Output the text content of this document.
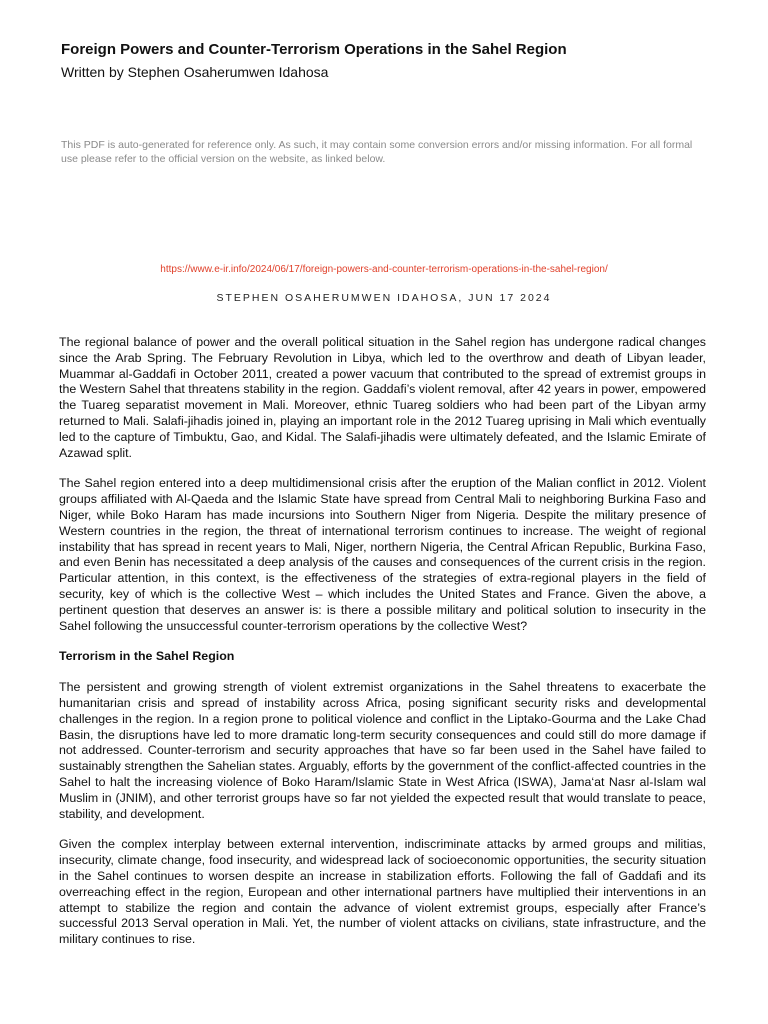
Foreign Powers and Counter-Terrorism Operations in the Sahel Region
Written by Stephen Osaherumwen Idahosa
This PDF is auto-generated for reference only. As such, it may contain some conversion errors and/or missing information. For all formal use please refer to the official version on the website, as linked below.
https://www.e-ir.info/2024/06/17/foreign-powers-and-counter-terrorism-operations-in-the-sahel-region/
STEPHEN OSAHERUMWEN IDAHOSA, JUN 17 2024

The regional balance of power and the overall political situation in the Sahel region has undergone radical changes since the Arab Spring. The February Revolution in Libya, which led to the overthrow and death of Libyan leader, Muammar al-Gaddafi in October 2011, created a power vacuum that contributed to the spread of extremist groups in the Western Sahel that threatens stability in the region. Gaddafi’s violent removal, after 42 years in power, empowered the Tuareg separatist movement in Mali. Moreover, ethnic Tuareg soldiers who had been part of the Libyan army returned to Mali. Salafi-jihadis joined in, playing an important role in the 2012 Tuareg uprising in Mali which eventually led to the capture of Timbuktu, Gao, and Kidal. The Salafi-jihadis were ultimately defeated, and the Islamic Emirate of Azawad split.

The Sahel region entered into a deep multidimensional crisis after the eruption of the Malian conflict in 2012. Violent groups affiliated with Al-Qaeda and the Islamic State have spread from Central Mali to neighboring Burkina Faso and Niger, while Boko Haram has made incursions into Southern Niger from Nigeria. Despite the military presence of Western countries in the region, the threat of international terrorism continues to increase. The weight of regional instability that has spread in recent years to Mali, Niger, northern Nigeria, the Central African Republic, Burkina Faso, and even Benin has necessitated a deep analysis of the causes and consequences of the current crisis in the region. Particular attention, in this context, is the effectiveness of the strategies of extra-regional players in the field of security, key of which is the collective West – which includes the United States and France. Given the above, a pertinent question that deserves an answer is: is there a possible military and political solution to insecurity in the Sahel following the unsuccessful counter-terrorism operations by the collective West?

Terrorism in the Sahel Region

The persistent and growing strength of violent extremist organizations in the Sahel threatens to exacerbate the humanitarian crisis and spread of instability across Africa, posing significant security risks and developmental challenges in the region. In a region prone to political violence and conflict in the Liptako-Gourma and the Lake Chad Basin, the disruptions have led to more dramatic long-term security consequences and could still do more damage if not addressed. Counter-terrorism and security approaches that have so far been used in the Sahel have failed to sustainably strengthen the Sahelian states. Arguably, efforts by the government of the conflict-affected countries in the Sahel to halt the increasing violence of Boko Haram/Islamic State in West Africa (ISWA), Jama‘at Nasr al-Islam wal Muslim in (JNIM), and other terrorist groups have so far not yielded the expected result that would translate to peace, stability, and development.

Given the complex interplay between external intervention, indiscriminate attacks by armed groups and militias, insecurity, climate change, food insecurity, and widespread lack of socioeconomic opportunities, the security situation in the Sahel continues to worsen despite an increase in stabilization efforts. Following the fall of Gaddafi and its overreaching effect in the region, European and other international partners have multiplied their interventions in an attempt to stabilize the region and contain the advance of violent extremist groups, especially after France’s successful 2013 Serval operation in Mali. Yet, the number of violent attacks on civilians, state infrastructure, and the military continues to rise.
